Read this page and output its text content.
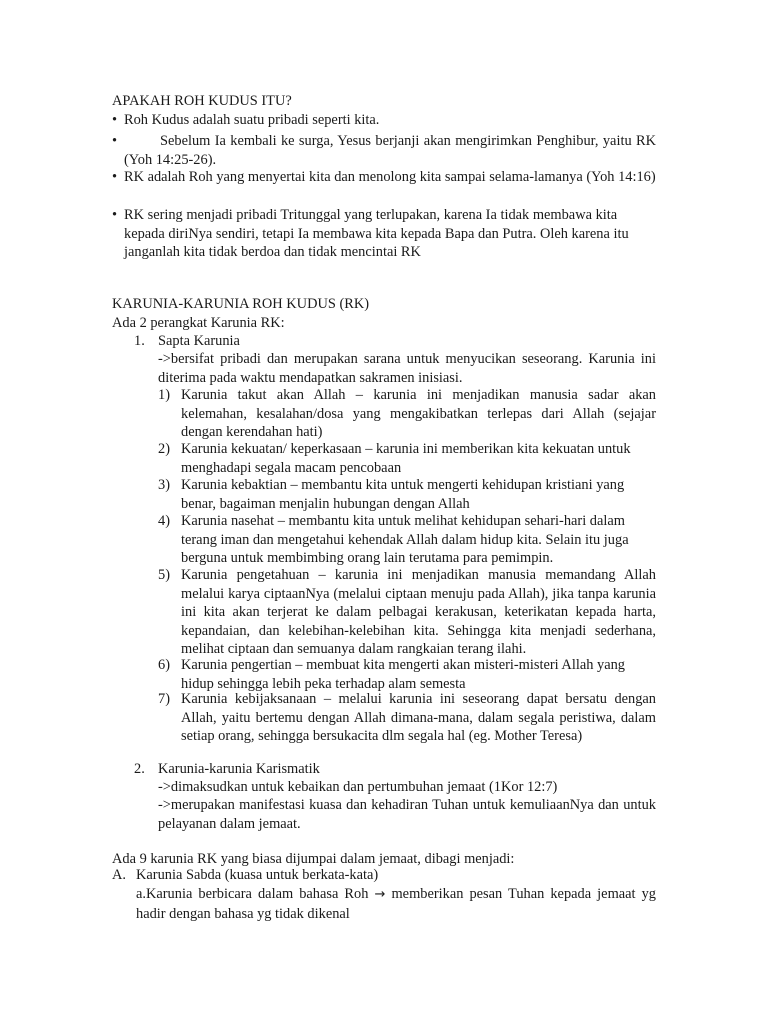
APAKAH ROH KUDUS ITU?
• Roh Kudus adalah suatu pribadi seperti kita.
•	Sebelum Ia kembali ke surga, Yesus berjanji akan mengirimkan Penghibur, yaitu RK (Yoh 14:25-26).
• RK adalah Roh yang menyertai kita dan menolong kita sampai selama-lamanya (Yoh 14:16)
• RK sering menjadi pribadi Tritunggal yang terlupakan, karena Ia tidak membawa kita kepada diriNya sendiri, tetapi Ia membawa kita kepada Bapa dan Putra. Oleh karena itu janganlah kita tidak berdoa dan tidak mencintai RK
KARUNIA-KARUNIA ROH KUDUS (RK)
Ada 2 perangkat Karunia RK:
1. Sapta Karunia
->bersifat pribadi dan merupakan sarana untuk menyucikan seseorang. Karunia ini diterima pada waktu mendapatkan sakramen inisiasi.
1) Karunia takut akan Allah – karunia ini menjadikan manusia sadar akan kelemahan, kesalahan/dosa yang mengakibatkan terlepas dari Allah (sejajar dengan kerendahan hati)
2) Karunia kekuatan/ keperkasaan – karunia ini memberikan kita kekuatan untuk menghadapi segala macam pencobaan
3) Karunia kebaktian – membantu kita untuk mengerti kehidupan kristiani yang benar, bagaiman menjalin hubungan dengan Allah
4) Karunia nasehat – membantu kita untuk melihat kehidupan sehari-hari dalam terang iman dan mengetahui kehendak Allah dalam hidup kita. Selain itu juga berguna untuk membimbing orang lain terutama para pemimpin.
5) Karunia pengetahuan – karunia ini menjadikan manusia memandang Allah melalui karya ciptaanNya (melalui ciptaan menuju pada Allah), jika tanpa karunia ini kita akan terjerat ke dalam pelbagai kerakusan, keterikatan kepada harta, kepandaian, dan kelebihan-kelebihan kita. Sehingga kita menjadi sederhana, melihat ciptaan dan semuanya dalam rangkaian terang ilahi.
6) Karunia pengertian – membuat kita mengerti akan misteri-misteri Allah yang hidup sehingga lebih peka terhadap alam semesta
7) Karunia kebijaksanaan – melalui karunia ini seseorang dapat bersatu dengan Allah, yaitu bertemu dengan Allah dimana-mana, dalam segala peristiwa, dalam setiap orang, sehingga bersukacita dlm segala hal (eg. Mother Teresa)
2. Karunia-karunia Karismatik
->dimaksudkan untuk kebaikan dan pertumbuhan jemaat (1Kor 12:7)
->merupakan manifestasi kuasa dan kehadiran Tuhan untuk kemuliaanNya dan untuk pelayanan dalam jemaat.
Ada 9 karunia RK yang biasa dijumpai dalam jemaat, dibagi menjadi:
A. Karunia Sabda (kuasa untuk berkata-kata)
a.Karunia berbicara dalam bahasa Roh → memberikan pesan Tuhan kepada jemaat yg hadir dengan bahasa yg tidak dikenal
